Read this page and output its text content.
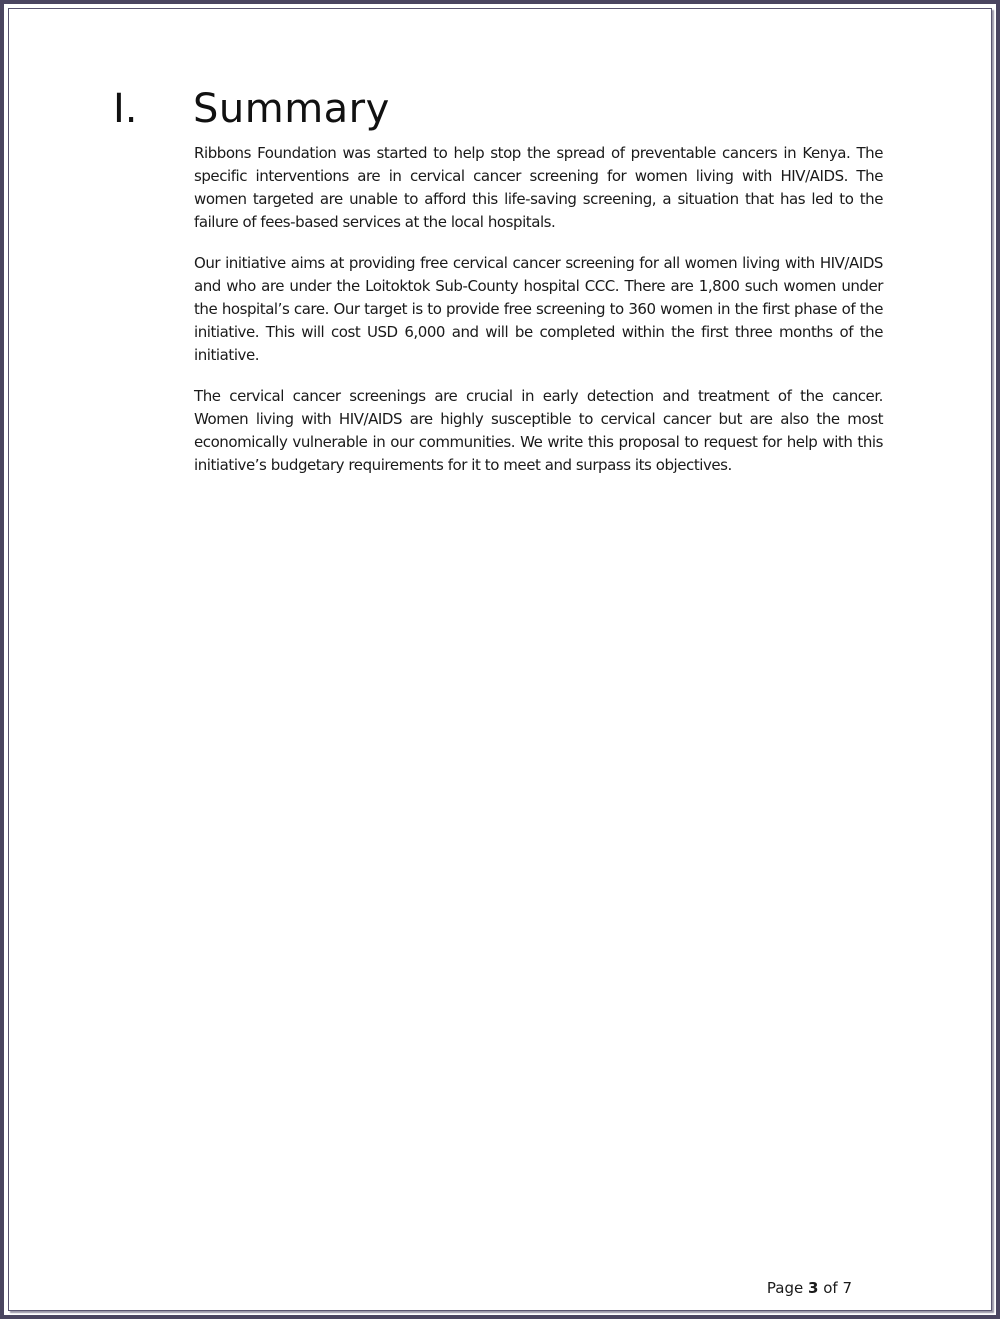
I.	Summary

Ribbons Foundation was started to help stop the spread of preventable cancers in Kenya. The specific interventions are in cervical cancer screening for women living with HIV/AIDS. The women targeted are unable to afford this life-saving screening, a situation that has led to the failure of fees-based services at the local hospitals.

Our initiative aims at providing free cervical cancer screening for all women living with HIV/AIDS and who are under the Loitoktok Sub-County hospital CCC. There are 1,800 such women under the hospital’s care. Our target is to provide free screening to 360 women in the first phase of the initiative. This will cost USD 6,000 and will be completed within the first three months of the initiative.

The cervical cancer screenings are crucial in early detection and treatment of the cancer. Women living with HIV/AIDS are highly susceptible to cervical cancer but are also the most economically vulnerable in our communities. We write this proposal to request for help with this initiative’s budgetary requirements for it to meet and surpass its objectives.

Page 3 of 7
